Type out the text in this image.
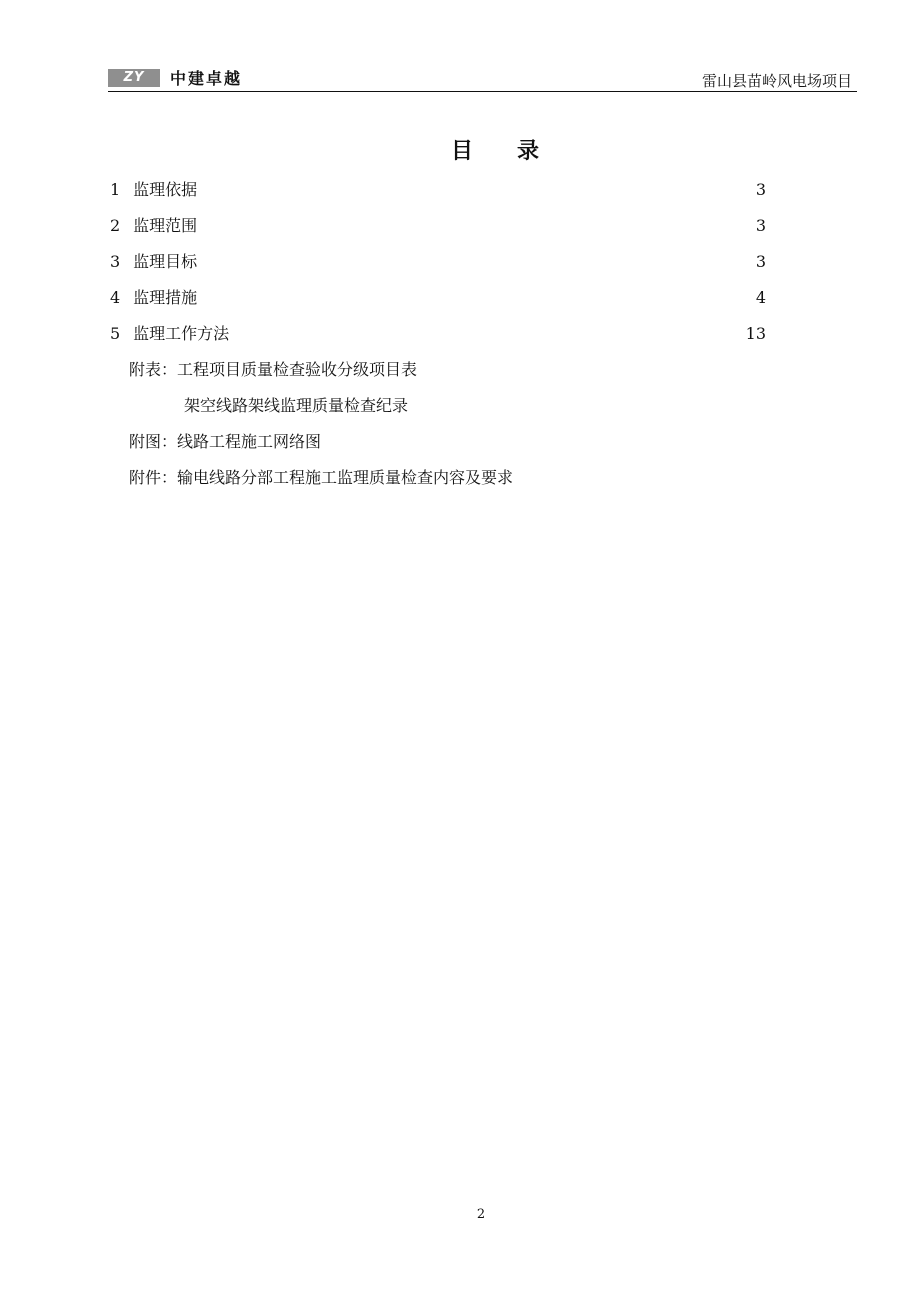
ZY	中建卓越	雷山县苗岭风电场项目
目 录
1 监理依据	3
2 监理范围	3
3 监理目标	3
4 监理措施	4
5 监理工作方法	13
附表：工程项目质量检查验收分级项目表
架空线路架线监理质量检查纪录
附图：线路工程施工网络图
附件：输电线路分部工程施工监理质量检查内容及要求
2
